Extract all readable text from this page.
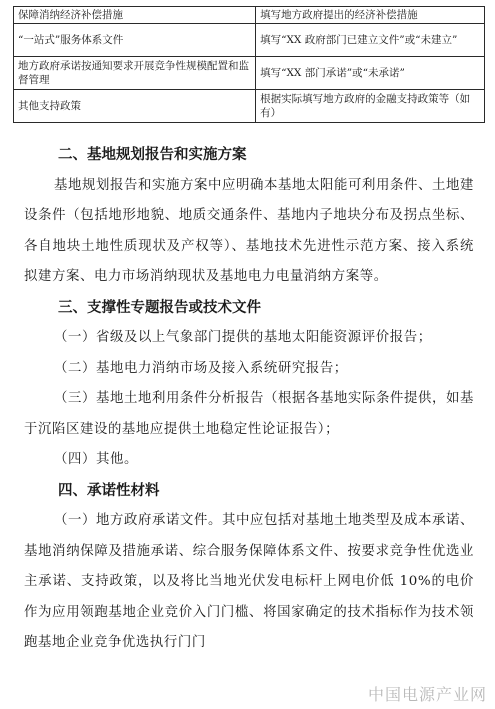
保障消纳经济补偿措施	填写地方政府提出的经济补偿措施
“一站式”服务体系文件	填写“XX 政府部门已建立文件”或“未建立”
地方政府承诺按通知要求开展竞争性规模配置和监督管理	填写“XX 部门承诺”或“未承诺”
其他支持政策	根据实际填写地方政府的金融支持政策等（如有）
二、基地规划报告和实施方案

基地规划报告和实施方案中应明确本基地太阳能可利用条件、土地建设条件（包括地形地貌、地质交通条件、基地内子地块分布及拐点坐标、各自地块土地性质现状及产权等）、基地技术先进性示范方案、接入系统拟建方案、电力市场消纳现状及基地电力电量消纳方案等。

三、支撑性专题报告或技术文件

（一）省级及以上气象部门提供的基地太阳能资源评价报告；

（二）基地电力消纳市场及接入系统研究报告；

（三）基地土地利用条件分析报告（根据各基地实际条件提供，如基于沉陷区建设的基地应提供土地稳定性论证报告）；

（四）其他。

四、承诺性材料

（一）地方政府承诺文件。其中应包括对基地土地类型及成本承诺、基地消纳保障及措施承诺、综合服务保障体系文件、按要求竞争性优选业主承诺、支持政策，以及将比当地光伏发电标杆上网电价低 10%的电价作为应用领跑基地企业竞价入门门槛、将国家确定的技术指标作为技术领跑基地企业竞争优选执行门门

中国电源产业网
